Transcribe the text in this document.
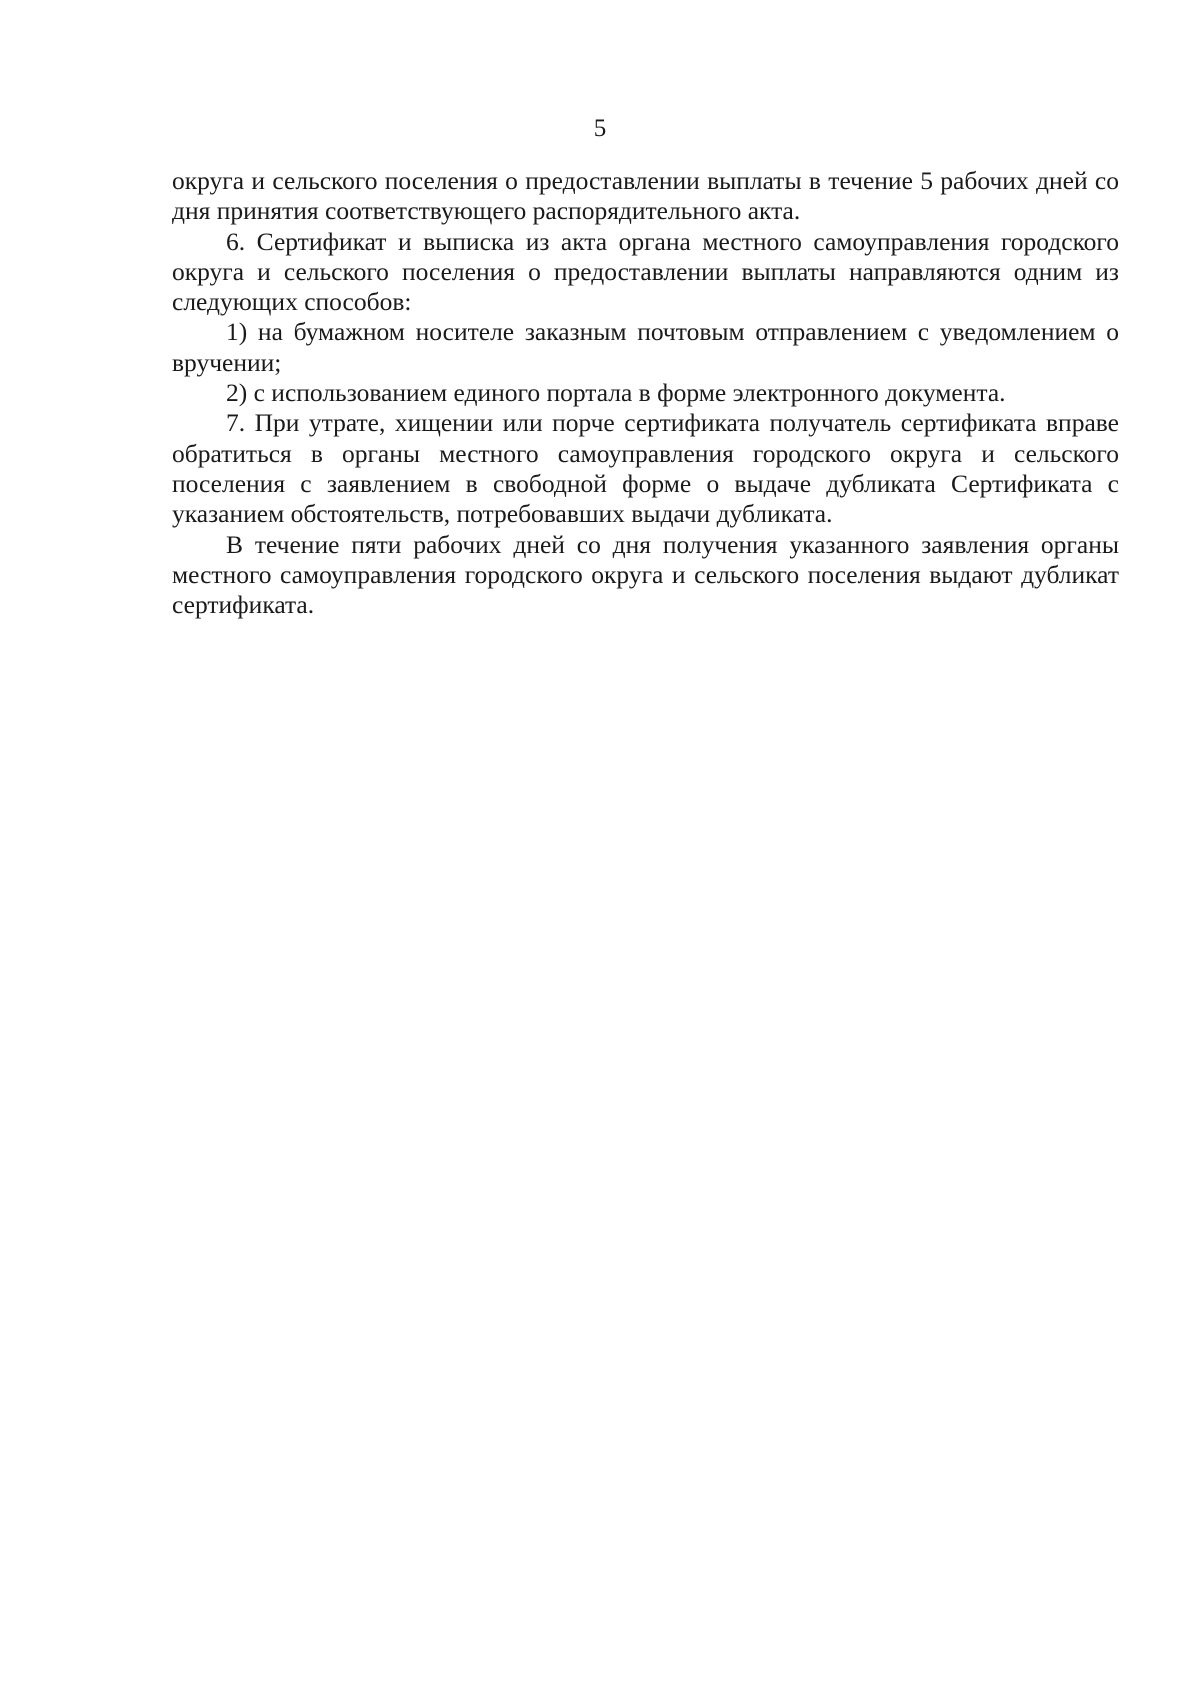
5

округа и сельского поселения о предоставлении выплаты в течение 5 рабочих дней со дня принятия соответствующего распорядительного акта.

6. Сертификат и выписка из акта органа местного самоуправления городского округа и сельского поселения о предоставлении выплаты направляются одним из следующих способов:

1) на бумажном носителе заказным почтовым отправлением с уведомлением о вручении;

2) с использованием единого портала в форме электронного документа.

7. При утрате, хищении или порче сертификата получатель сертификата вправе обратиться в органы местного самоуправления городского округа и сельского поселения с заявлением в свободной форме о выдаче дубликата Сертификата с указанием обстоятельств, потребовавших выдачи дубликата.

В течение пяти рабочих дней со дня получения указанного заявления органы местного самоуправления городского округа и сельского поселения выдают дубликат сертификата.
